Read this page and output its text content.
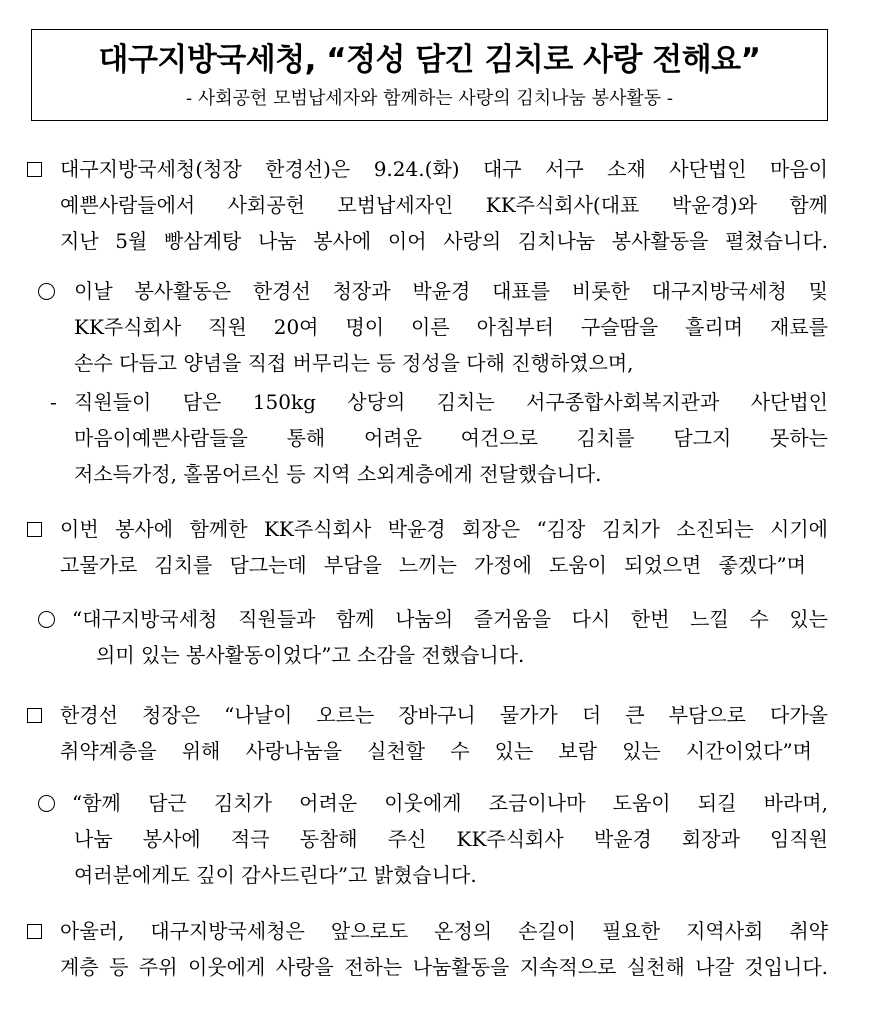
대구지방국세청, “정성 담긴 김치로 사랑 전해요”
- 사회공헌 모범납세자와 함께하는 사랑의 김치나눔 봉사활동 -
대구지방국세청(청장 한경선)은 9.24.(화) 대구 서구 소재 사단법인 마음이
예쁜사람들에서 사회공헌 모범납세자인 KK주식회사(대표 박윤경)와 함께
지난 5월 빵삼계탕 나눔 봉사에 이어 사랑의 김치나눔 봉사활동을 펼쳤습니다.
이날 봉사활동은 한경선 청장과 박윤경 대표를 비롯한 대구지방국세청 및
KK주식회사 직원 20여 명이 이른 아침부터 구슬땀을 흘리며 재료를
손수 다듬고 양념을 직접 버무리는 등 정성을 다해 진행하였으며,
- 직원들이 담은 150kg 상당의 김치는 서구종합사회복지관과 사단법인
마음이예쁜사람들을 통해 어려운 여건으로 김치를 담그지 못하는
저소득가정, 홀몸어르신 등 지역 소외계층에게 전달했습니다.
이번 봉사에 함께한 KK주식회사 박윤경 회장은 “김장 김치가 소진되는 시기에
고물가로 김치를 담그는데 부담을 느끼는 가정에 도움이 되었으면 좋겠다”며
“대구지방국세청 직원들과 함께 나눔의 즐거움을 다시 한번 느낄 수 있는
의미 있는 봉사활동이었다”고 소감을 전했습니다.
한경선 청장은 “나날이 오르는 장바구니 물가가 더 큰 부담으로 다가올
취약계층을 위해 사랑나눔을 실천할 수 있는 보람 있는 시간이었다”며
“함께 담근 김치가 어려운 이웃에게 조금이나마 도움이 되길 바라며,
나눔 봉사에 적극 동참해 주신 KK주식회사 박윤경 회장과 임직원
여러분에게도 깊이 감사드린다”고 밝혔습니다.
아울러, 대구지방국세청은 앞으로도 온정의 손길이 필요한 지역사회 취약
계층 등 주위 이웃에게 사랑을 전하는 나눔활동을 지속적으로 실천해 나갈 것입니다.
